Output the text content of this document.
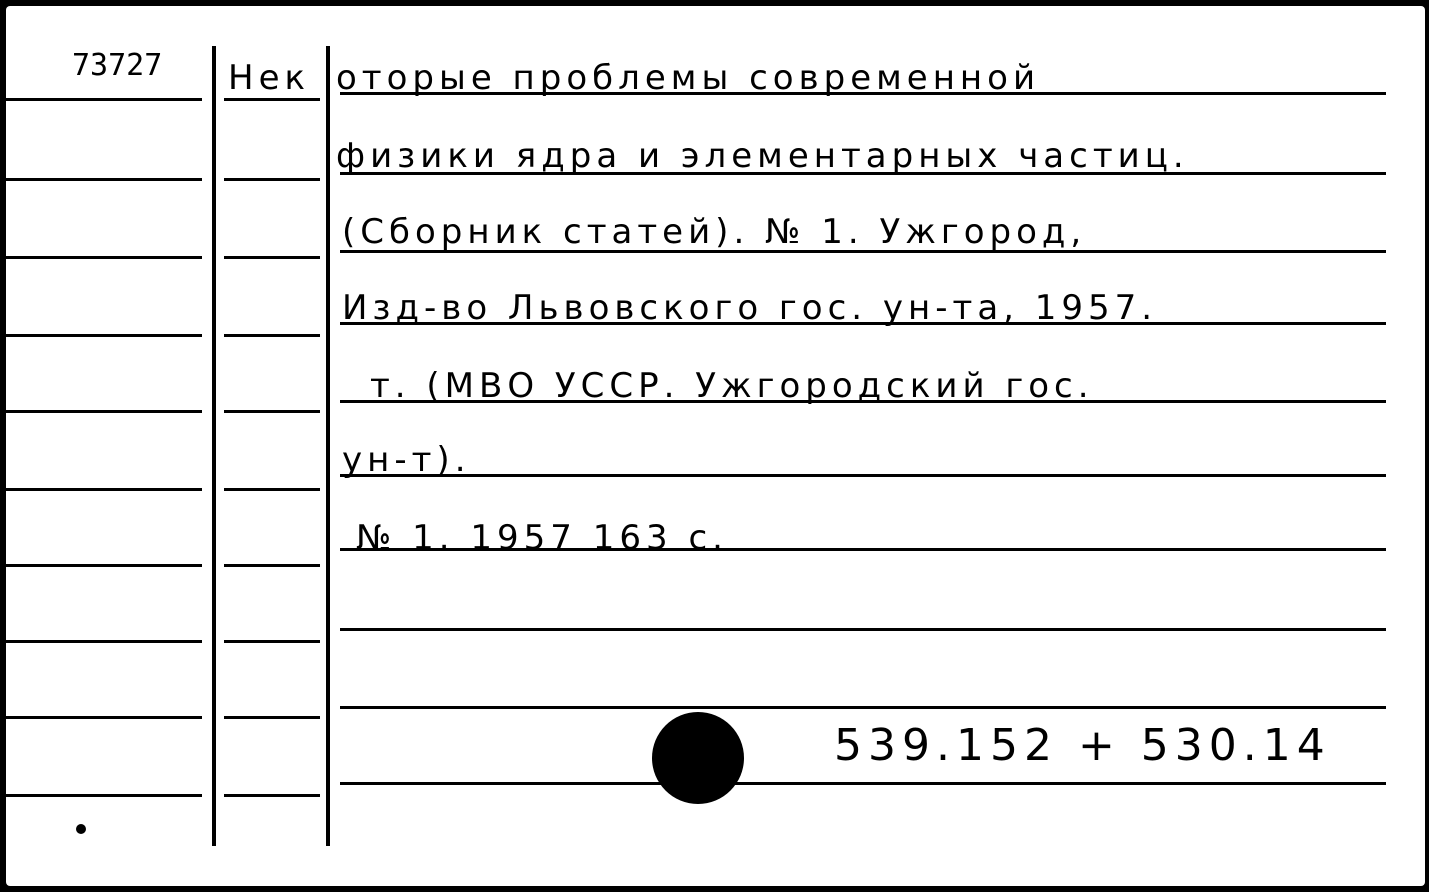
73727 Нек оторые проблемы современной
физики ядра и элементарных частиц.
(Сборник статей). № 1. Ужгород,
Изд-во Львовского гос. ун-та, 1957.
т. (МВО УССР. Ужгородский гос.
ун-т).
№ 1. 1957 163 с.
539.152 + 530.14
